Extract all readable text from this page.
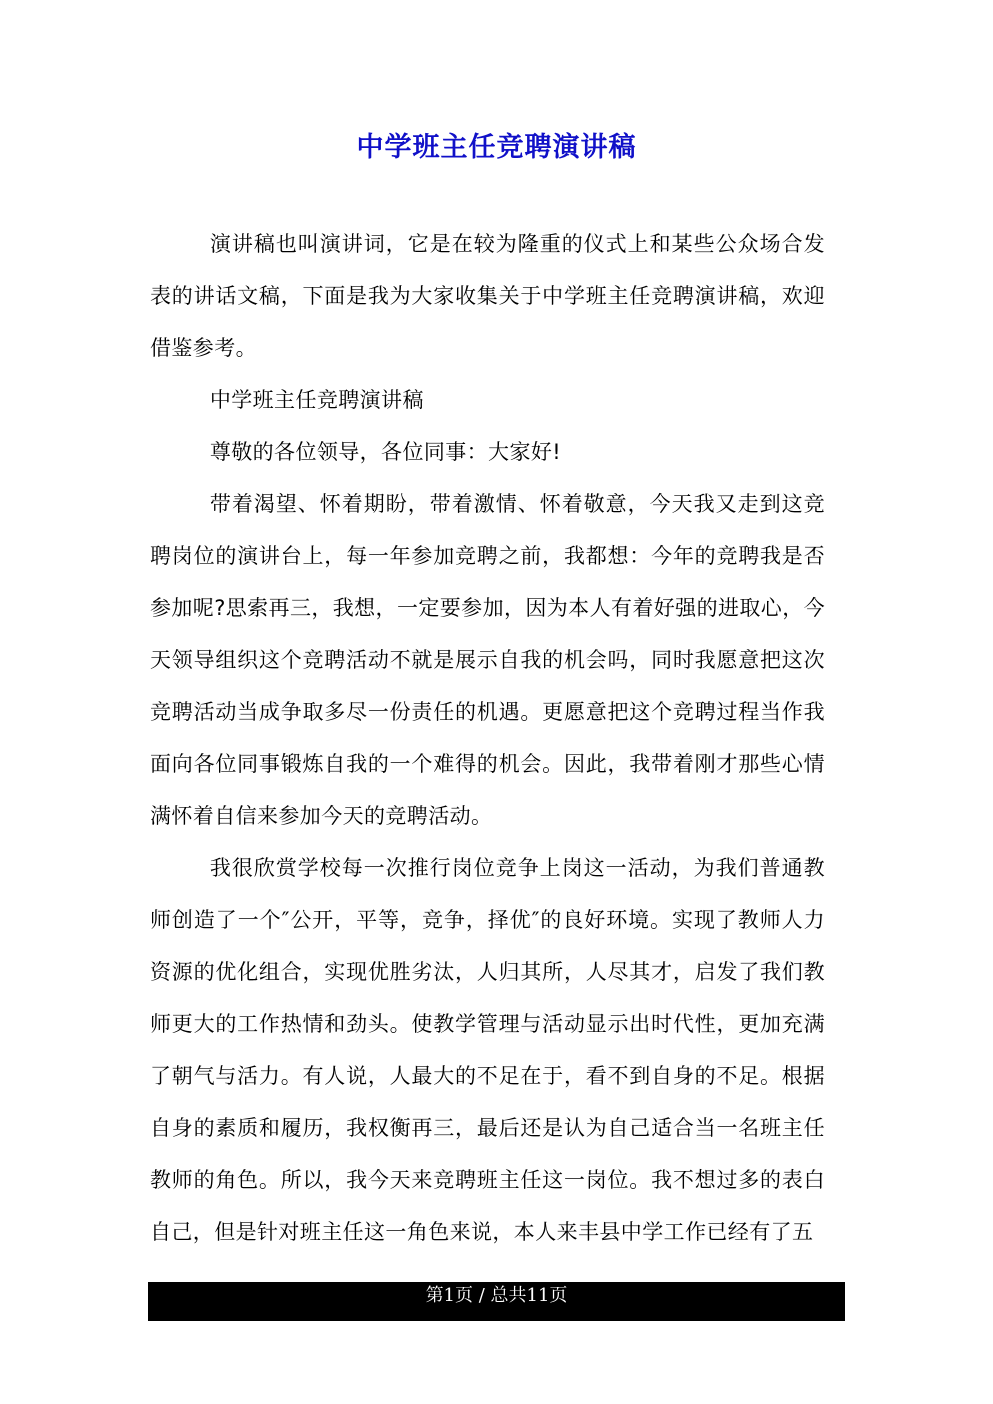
中学班主任竞聘演讲稿

演讲稿也叫演讲词，它是在较为隆重的仪式上和某些公众场合发表的讲话文稿，下面是我为大家收集关于中学班主任竞聘演讲稿，欢迎借鉴参考。

中学班主任竞聘演讲稿

尊敬的各位领导，各位同事：大家好!

带着渴望、怀着期盼，带着激情、怀着敬意，今天我又走到这竞聘岗位的演讲台上，每一年参加竞聘之前，我都想：今年的竞聘我是否参加呢?思索再三，我想，一定要参加，因为本人有着好强的进取心，今天领导组织这个竞聘活动不就是展示自我的机会吗，同时我愿意把这次竞聘活动当成争取多尽一份责任的机遇。更愿意把这个竞聘过程当作我面向各位同事锻炼自我的一个难得的机会。因此，我带着刚才那些心情满怀着自信来参加今天的竞聘活动。

我很欣赏学校每一次推行岗位竞争上岗这一活动，为我们普通教师创造了一个″公开，平等，竞争，择优″的良好环境。实现了教师人力资源的优化组合，实现优胜劣汰，人归其所，人尽其才，启发了我们教师更大的工作热情和劲头。使教学管理与活动显示出时代性，更加充满了朝气与活力。有人说，人最大的不足在于，看不到自身的不足。根据自身的素质和履历，我权衡再三，最后还是认为自己适合当一名班主任教师的角色。所以，我今天来竞聘班主任这一岗位。我不想过多的表白自己，但是针对班主任这一角色来说，本人来丰县中学工作已经有了五

第1页 / 总共11页
